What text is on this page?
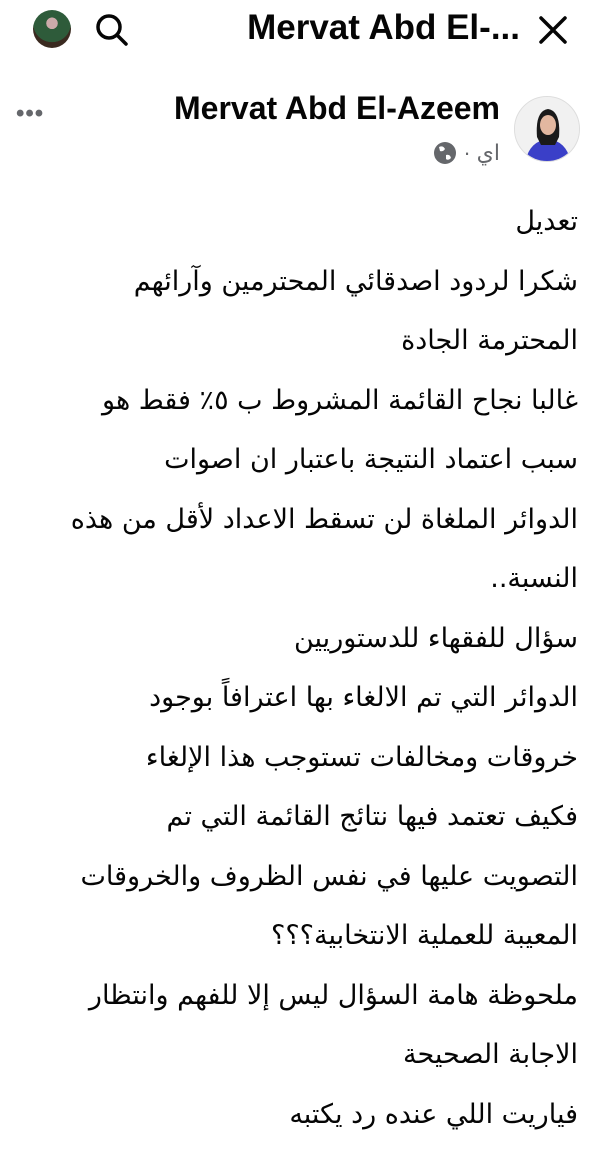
Mervat Abd El-...
•••	Mervat Abd El-Azeem
اي
·
تعديل
شكرا لردود اصدقائي المحترمين وآرائهم
المحترمة الجادة
غالبا نجاح القائمة المشروط ب ٥٪ فقط هو
سبب اعتماد النتيجة باعتبار ان اصوات
الدوائر الملغاة لن تسقط الاعداد لأقل من هذه
النسبة..
سؤال للفقهاء للدستوريين
الدوائر التي تم الالغاء بها اعترافاً بوجود
خروقات ومخالفات تستوجب هذا الإلغاء
فكيف تعتمد فيها نتائج القائمة التي تم
التصويت عليها في نفس الظروف والخروقات
المعيبة للعملية الانتخابية؟؟؟
ملحوظة هامة السؤال ليس إلا للفهم وانتظار
الاجابة الصحيحة
فياريت اللي عنده رد يكتبه
